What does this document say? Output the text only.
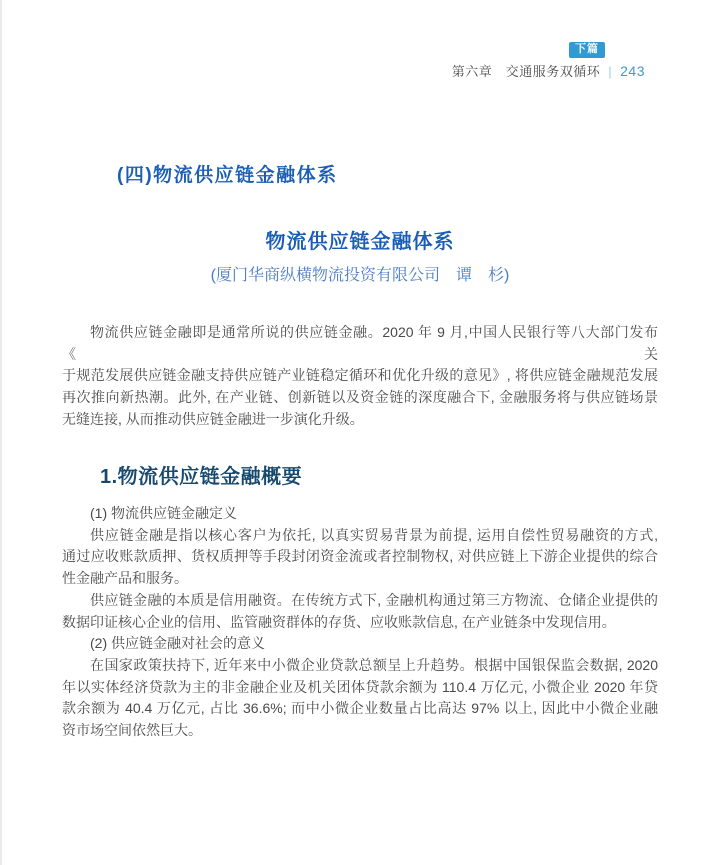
下篇
第六章　交通服务双循环 | 243
(四)物流供应链金融体系
物流供应链金融体系
(厦门华商纵横物流投资有限公司　谭　杉)
物流供应链金融即是通常所说的供应链金融。2020 年 9 月,中国人民银行等八大部门发布《关
于规范发展供应链金融支持供应链产业链稳定循环和优化升级的意见》, 将供应链金融规范发展
再次推向新热潮。此外, 在产业链、创新链以及资金链的深度融合下, 金融服务将与供应链场景
无缝连接, 从而推动供应链金融进一步演化升级。
1.物流供应链金融概要
(1) 物流供应链金融定义
供应链金融是指以核心客户为依托, 以真实贸易背景为前提, 运用自偿性贸易融资的方式,
通过应收账款质押、货权质押等手段封闭资金流或者控制物权, 对供应链上下游企业提供的综合
性金融产品和服务。
供应链金融的本质是信用融资。在传统方式下, 金融机构通过第三方物流、仓储企业提供的
数据印证核心企业的信用、监管融资群体的存货、应收账款信息, 在产业链条中发现信用。
(2) 供应链金融对社会的意义
在国家政策扶持下, 近年来中小微企业贷款总额呈上升趋势。根据中国银保监会数据, 2020
年以实体经济贷款为主的非金融企业及机关团体贷款余额为 110.4 万亿元, 小微企业 2020 年贷
款余额为 40.4 万亿元, 占比 36.6%; 而中小微企业数量占比高达 97% 以上, 因此中小微企业融
资市场空间依然巨大。
